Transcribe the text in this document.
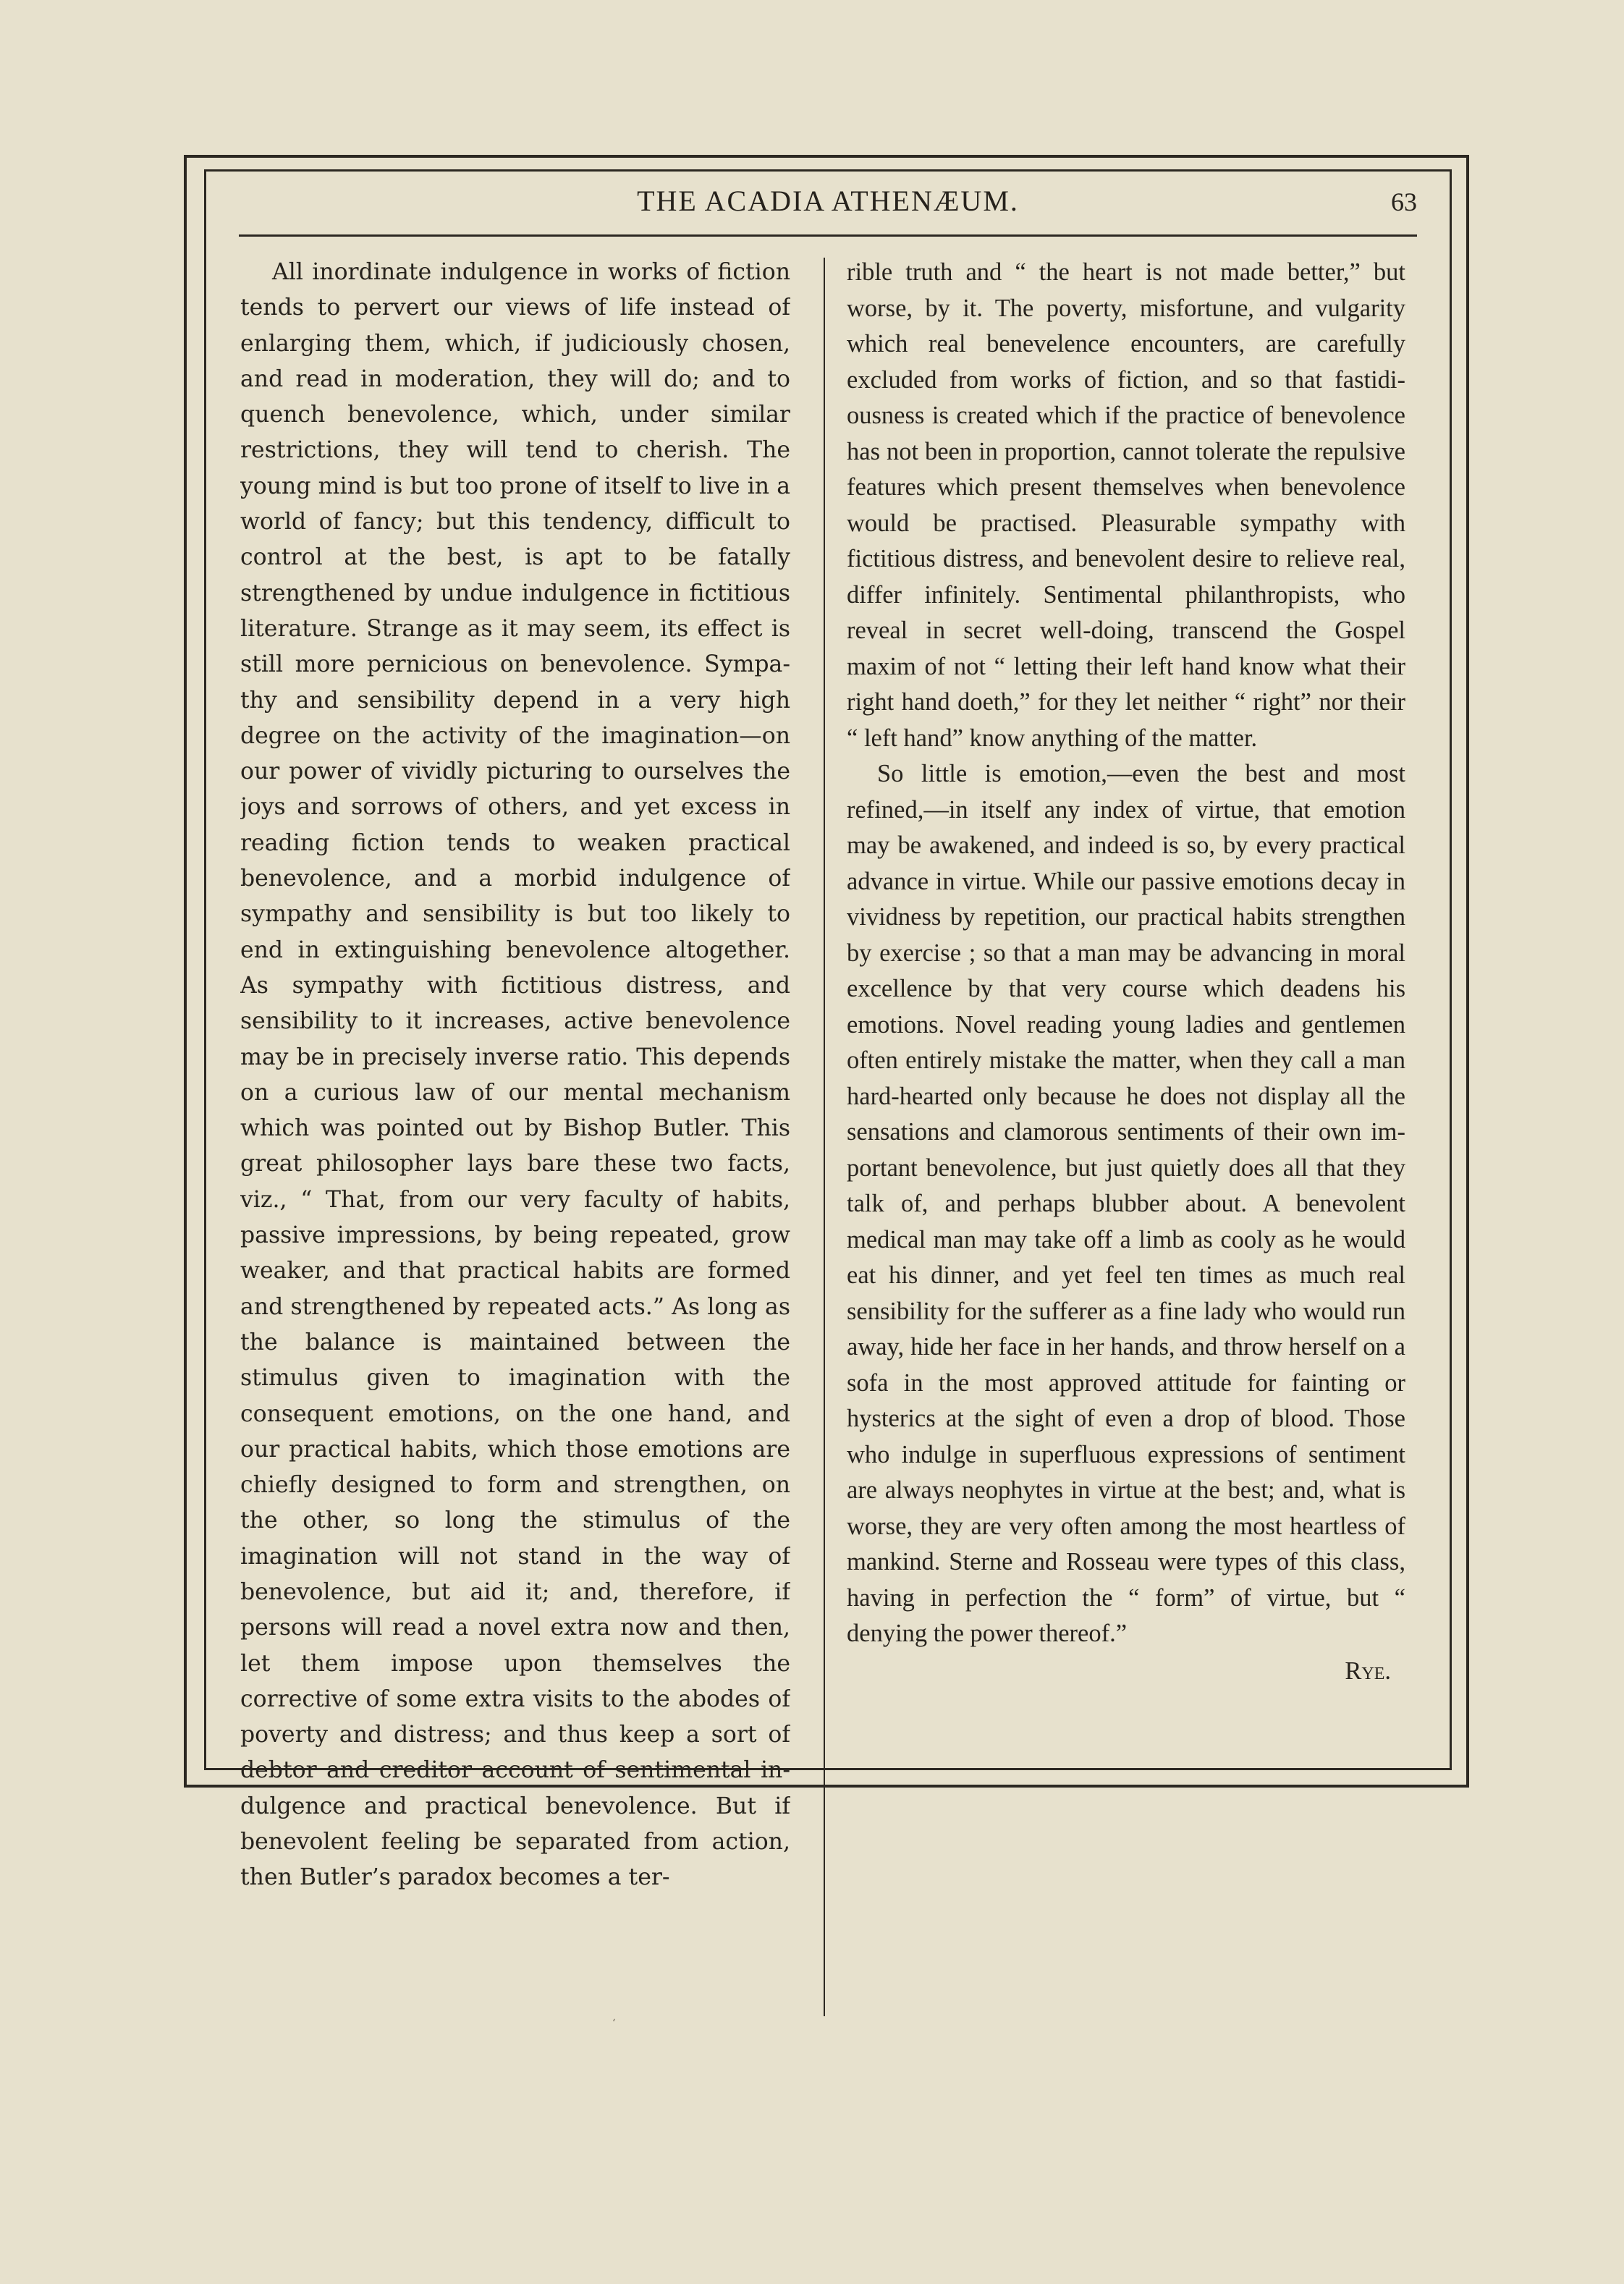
THE ACADIA ATHENÆUM.	63

All inordinate indulgence in works of fiction tends to pervert our views of life instead of enlarging them, which, if judiciously chosen, and read in moderation, they will do; and to quench benevolence, which, under similar restrictions, they will tend to cherish. The young mind is but too prone of itself to live in a world of fancy; but this tendency, difficult to control at the best, is apt to be fatally strengthened by undue indulgence in fictitious literature. Strange as it may seem, its effect is still more pernicious on benevolence. Sympathy and sensibility depend in a very high degree on the activity of the imagination—on our power of vividly picturing to ourselves the joys and sorrows of others, and yet excess in reading fiction tends to weaken practical benevolence, and a morbid indulgence of sympathy and sensibility is but too likely to end in extinguishing benevolence altogether. As sympathy with fictitious distress, and sensibility to it increases, active benevolence may be in precisely inverse ratio. This depends on a curious law of our mental mechanism which was pointed out by Bishop Butler. This great philosopher lays bare these two facts, viz., “ That, from our very faculty of habits, passive impressions, by being repeated, grow weaker, and that practical habits are formed and strengthened by repeated acts.” As long as the balance is maintained between the stimulus given to imagination with the consequent emotions, on the one hand, and our practical habits, which those emotions are chiefly designed to form and strengthen, on the other, so long the stimulus of the imagination will not stand in the way of benevolence, but aid it; and, therefore, if persons will read a novel extra now and then, let them impose upon themselves the corrective of some extra visits to the abodes of poverty and distress; and thus keep a sort of debtor and creditor account of sentimental indulgence and practical benevolence. But if benevolent feeling be separated from action, then Butler’s paradox becomes a ter-

rible truth and “ the heart is not made better,” but worse, by it. The poverty, misfortune, and vulgarity which real benevelence encounters, are carefully excluded from works of fiction, and so that fastidiousness is created which if the practice of benevolence has not been in proportion, cannot tolerate the repulsive features which present themselves when benevolence would be practised. Pleasurable sympathy with fictitious distress, and benevolent desire to relieve real, differ infinitely. Sentimental philanthropists, who reveal in secret well-doing, transcend the Gospel maxim of not “ letting their left hand know what their right hand doeth,” for they let neither “ right” nor their “ left hand” know anything of the matter.

So little is emotion,—even the best and most refined,—in itself any index of virtue, that emotion may be awakened, and indeed is so, by every practical advance in virtue. While our passive emotions decay in vividness by repetition, our practical habits strengthen by exercise ; so that a man may be advancing in moral excellence by that very course which deadens his emotions. Novel reading young ladies and gentlemen often entirely mistake the matter, when they call a man hard-hearted only because he does not display all the sensations and clamorous sentiments of their own important benevolence, but just quietly does all that they talk of, and perhaps blubber about. A benevolent medical man may take off a limb as cooly as he would eat his dinner, and yet feel ten times as much real sensibility for the sufferer as a fine lady who would run away, hide her face in her hands, and throw herself on a sofa in the most approved attitude for fainting or hysterics at the sight of even a drop of blood. Those who indulge in superfluous expressions of sentiment are always neophytes in virtue at the best; and, what is worse, they are very often among the most heartless of mankind. Sterne and Rosseau were types of this class, having in perfection the “ form” of virtue, but “ denying the power thereof.”

Rye.
ʻ
